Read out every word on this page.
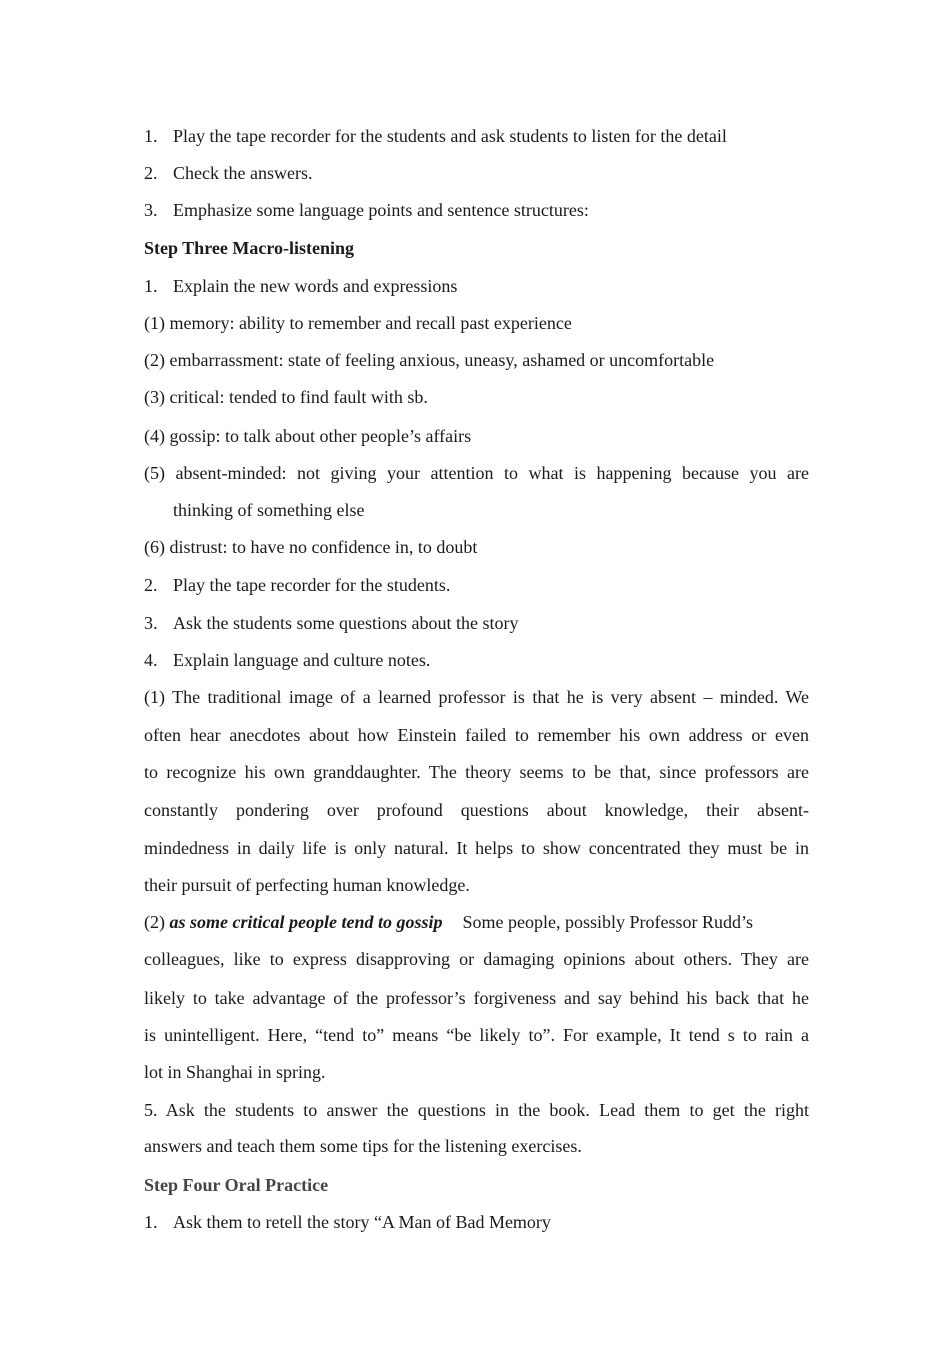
1. Play the tape recorder for the students and ask students to listen for the detail
2. Check the answers.
3. Emphasize some language points and sentence structures:
Step Three Macro-listening
1. Explain the new words and expressions
(1) memory: ability to remember and recall past experience
(2) embarrassment: state of feeling anxious, uneasy, ashamed or uncomfortable
(3) critical: tended to find fault with sb.
(4) gossip: to talk about other people’s affairs
(5) absent-minded: not giving your attention to what is happening because you are
thinking of something else
(6) distrust: to have no confidence in, to doubt
2. Play the tape recorder for the students.
3. Ask the students some questions about the story
4. Explain language and culture notes.
(1) The traditional image of a learned professor is that he is very absent – minded. We
often hear anecdotes about how Einstein failed to remember his own address or even
to recognize his own granddaughter. The theory seems to be that, since professors are
constantly pondering over profound questions about knowledge, their absent-
mindedness in daily life is only natural. It helps to show concentrated they must be in
their pursuit of perfecting human knowledge.
(2) as some critical people tend to gossip Some people, possibly Professor Rudd’s
colleagues, like to express disapproving or damaging opinions about others. They are
likely to take advantage of the professor’s forgiveness and say behind his back that he
is unintelligent. Here, “tend to” means “be likely to”. For example, It tend s to rain a
lot in Shanghai in spring.
5. Ask the students to answer the questions in the book. Lead them to get the right
answers and teach them some tips for the listening exercises.
Step Four Oral Practice
1. Ask them to retell the story “A Man of Bad Memory
